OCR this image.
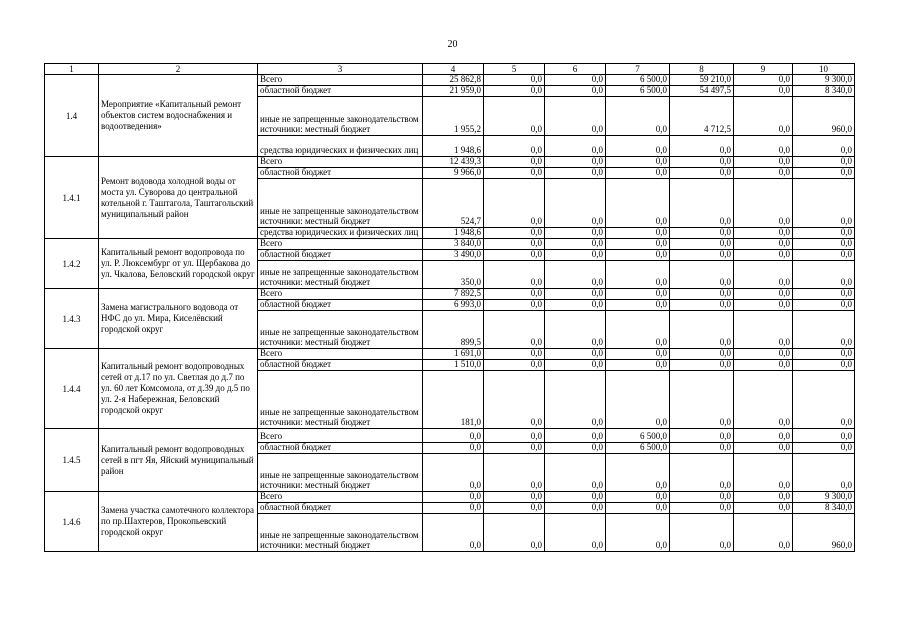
20
1	2	3	4	5	6	7	8	9	10
1.4	Мероприятие «Капитальный ремонт объектов систем водоснабжения и водоотведения»	Всего	25 862,8	0,0	0,0	6 500,0	59 210,0	0,0	9 300,0
		областной бюджет	21 959,0	0,0	0,0	6 500,0	54 497,5	0,0	8 340,0
		иные не запрещенные законодательством источники: местный бюджет	1 955,2	0,0	0,0	0,0	4 712,5	0,0	960,0
		средства юридических и физических лиц	1 948,6	0,0	0,0	0,0	0,0	0,0	0,0
1.4.1	Ремонт водовода холодной воды от моста ул. Суворова до центральной котельной г. Таштагола, Таштагольский муниципальный район	Всего	12 439,3	0,0	0,0	0,0	0,0	0,0	0,0
		областной бюджет	9 966,0	0,0	0,0	0,0	0,0	0,0	0,0
		иные не запрещенные законодательством источники: местный бюджет	524,7	0,0	0,0	0,0	0,0	0,0	0,0
		средства юридических и физических лиц	1 948,6	0,0	0,0	0,0	0,0	0,0	0,0
1.4.2	Капитальный ремонт водопровода по ул. Р. Люксембург от ул. Щербакова до ул. Чкалова, Беловский городской округ	Всего	3 840,0	0,0	0,0	0,0	0,0	0,0	0,0
		областной бюджет	3 490,0	0,0	0,0	0,0	0,0	0,0	0,0
		иные не запрещенные законодательством источники: местный бюджет	350,0	0,0	0,0	0,0	0,0	0,0	0,0
1.4.3	Замена магистрального водовода от НФС до ул. Мира, Киселёвский городской округ	Всего	7 892,5	0,0	0,0	0,0	0,0	0,0	0,0
		областной бюджет	6 993,0	0,0	0,0	0,0	0,0	0,0	0,0
		иные не запрещенные законодательством источники: местный бюджет	899,5	0,0	0,0	0,0	0,0	0,0	0,0
1.4.4	Капитальный ремонт водопроводных сетей от д.17 по ул. Светлая до д.7 по ул. 60 лет Комсомола, от д.39 до д.5 по ул. 2-я Набережная, Беловский городской округ	Всего	1 691,0	0,0	0,0	0,0	0,0	0,0	0,0
		областной бюджет	1 510,0	0,0	0,0	0,0	0,0	0,0	0,0
		иные не запрещенные законодательством источники: местный бюджет	181,0	0,0	0,0	0,0	0,0	0,0	0,0
1.4.5	Капитальный ремонт водопроводных сетей в пгт Яя, Яйский муниципальный район	Всего	0,0	0,0	0,0	6 500,0	0,0	0,0	0,0
		областной бюджет	0,0	0,0	0,0	6 500,0	0,0	0,0	0,0
		иные не запрещенные законодательством источники: местный бюджет	0,0	0,0	0,0	0,0	0,0	0,0	0,0
1.4.6	Замена участка самотечного коллектора по пр.Шахтеров, Прокопьевский городской округ	Всего	0,0	0,0	0,0	0,0	0,0	0,0	9 300,0
		областной бюджет	0,0	0,0	0,0	0,0	0,0	0,0	8 340,0
		иные не запрещенные законодательством источники: местный бюджет	0,0	0,0	0,0	0,0	0,0	0,0	960,0
